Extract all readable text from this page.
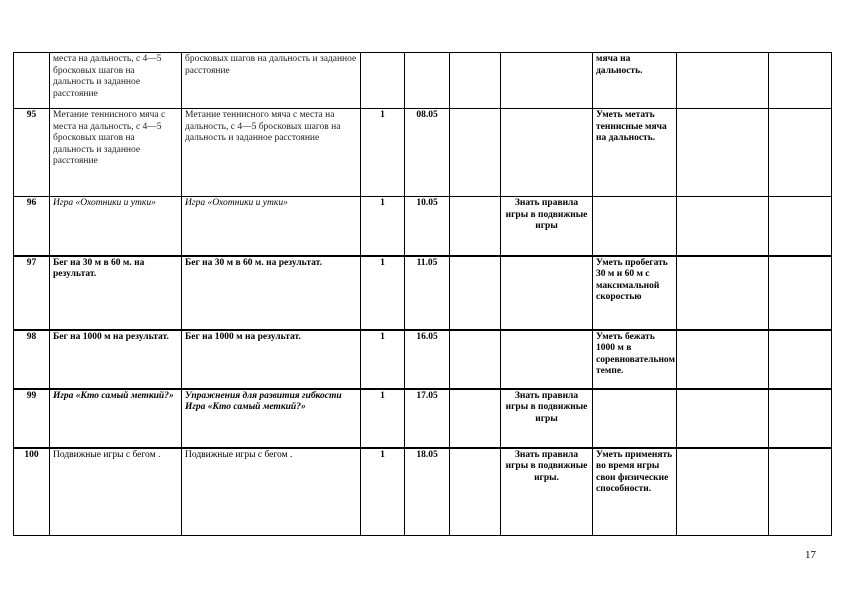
	места на дальность, с 4—5 бросковых шагов на дальность и заданное расстояние	бросковых шагов на дальность и заданное расстояние					мяча на дальность.		
95	Метание теннисного мяча с места на дальность, с 4—5 бросковых шагов на дальность и заданное расстояние	Метание теннисного мяча с места на дальность, с 4—5 бросковых шагов на дальность и заданное расстояние	1	08.05			Уметь метать теннисные мяча на дальность.		
96	Игра «Охотники и утки»	Игра «Охотники и утки»	1	10.05		Знать правила игры в подвижные игры			
97	Бег на 30 м в 60 м. на результат.	Бег на 30 м в 60 м. на результат.	1	11.05			Уметь пробегать 30 м и 60 м с максимальной скоростью		
98	Бег на 1000 м на результат.	Бег на 1000 м на результат.	1	16.05			Уметь бежать 1000 м в соревновательном темпе.		
99	Игра «Кто самый меткий?»	Упражнения для развития гибкости Игра «Кто самый меткий?»	1	17.05		Знать правила игры в подвижные игры			
100	Подвижные игры с бегом .	Подвижные игры с бегом .	1	18.05		Знать правила игры в подвижные игры.	Уметь применять во время игры свои физические способности.		
17
